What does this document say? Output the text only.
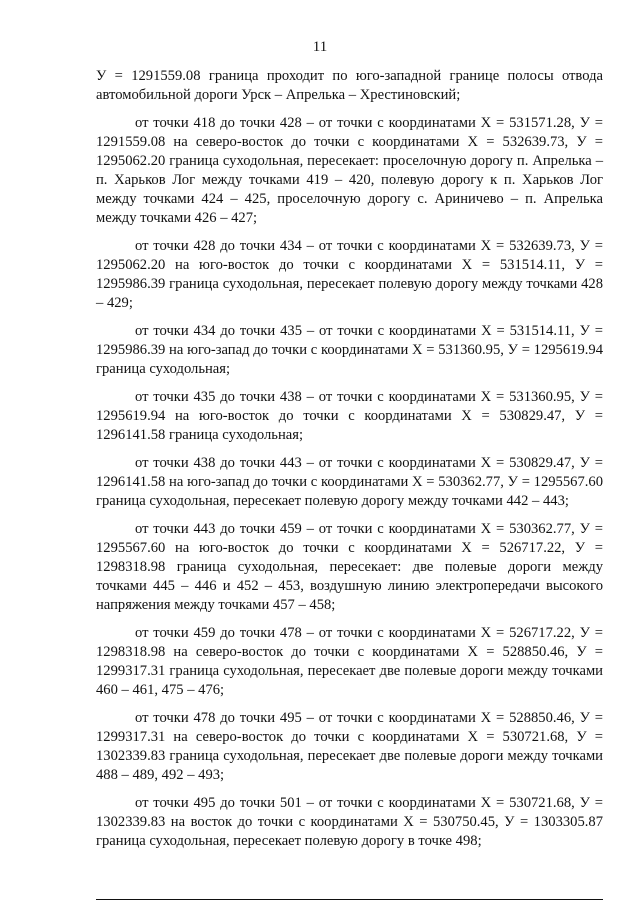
11

У = 1291559.08 граница проходит по юго-западной границе полосы отвода автомобильной дороги Урск – Апрелька – Хрестиновский;

от точки 418 до точки 428 – от точки с координатами Х = 531571.28, У = 1291559.08 на северо-восток до точки с координатами Х = 532639.73, У = 1295062.20 граница суходольная, пересекает: проселочную дорогу п. Апрелька – п. Харьков Лог между точками 419 – 420, полевую дорогу к п. Харьков Лог между точками 424 – 425, проселочную дорогу с. Ариничево – п. Апрелька между точками 426 – 427;

от точки 428 до точки 434 – от точки с координатами Х = 532639.73, У = 1295062.20 на юго-восток до точки с координатами Х = 531514.11, У = 1295986.39 граница суходольная, пересекает полевую дорогу между точками 428 – 429;

от точки 434 до точки 435 – от точки с координатами Х = 531514.11, У = 1295986.39 на юго-запад до точки с координатами Х = 531360.95, У = 1295619.94 граница суходольная;

от точки 435 до точки 438 – от точки с координатами Х = 531360.95, У = 1295619.94 на юго-восток до точки с координатами Х = 530829.47, У = 1296141.58 граница суходольная;

от точки 438 до точки 443 – от точки с координатами Х = 530829.47, У = 1296141.58 на юго-запад до точки с координатами Х = 530362.77, У = 1295567.60 граница суходольная, пересекает полевую дорогу между точками 442 – 443;

от точки 443 до точки 459 – от точки с координатами Х = 530362.77, У = 1295567.60 на юго-восток до точки с координатами Х = 526717.22, У = 1298318.98 граница суходольная, пересекает: две полевые дороги между точками 445 – 446 и 452 – 453, воздушную линию электропередачи высокого напряжения между точками 457 – 458;

от точки 459 до точки 478 – от точки с координатами Х = 526717.22, У = 1298318.98 на северо-восток до точки с координатами Х = 528850.46, У = 1299317.31 граница суходольная, пересекает две полевые дороги между точками 460 – 461, 475 – 476;

от точки 478 до точки 495 – от точки с координатами Х = 528850.46, У = 1299317.31 на северо-восток до точки с координатами Х = 530721.68, У = 1302339.83 граница суходольная, пересекает две полевые дороги между точками 488 – 489, 492 – 493;

от точки 495 до точки 501 – от точки с координатами Х = 530721.68, У = 1302339.83 на восток до точки с координатами Х = 530750.45, У = 1303305.87 граница суходольная, пересекает полевую дорогу в точке 498;
